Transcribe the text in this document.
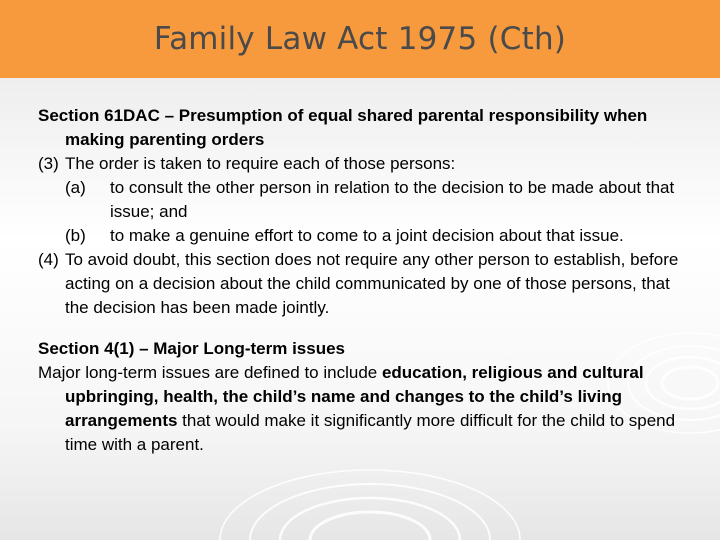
Family Law Act 1975 (Cth)
Section 61DAC – Presumption of equal shared parental responsibility when making parenting orders
(3) The order is taken to require each of those persons:
(a) to consult the other person in relation to the decision to be made about that issue; and
(b) to make a genuine effort to come to a joint decision about that issue.
(4) To avoid doubt, this section does not require any other person to establish, before acting on a decision about the child communicated by one of those persons, that the decision has been made jointly.
Section 4(1) – Major Long-term issues
Major long-term issues are defined to include education, religious and cultural upbringing, health, the child’s name and changes to the child’s living arrangements that would make it significantly more difficult for the child to spend time with a parent.
